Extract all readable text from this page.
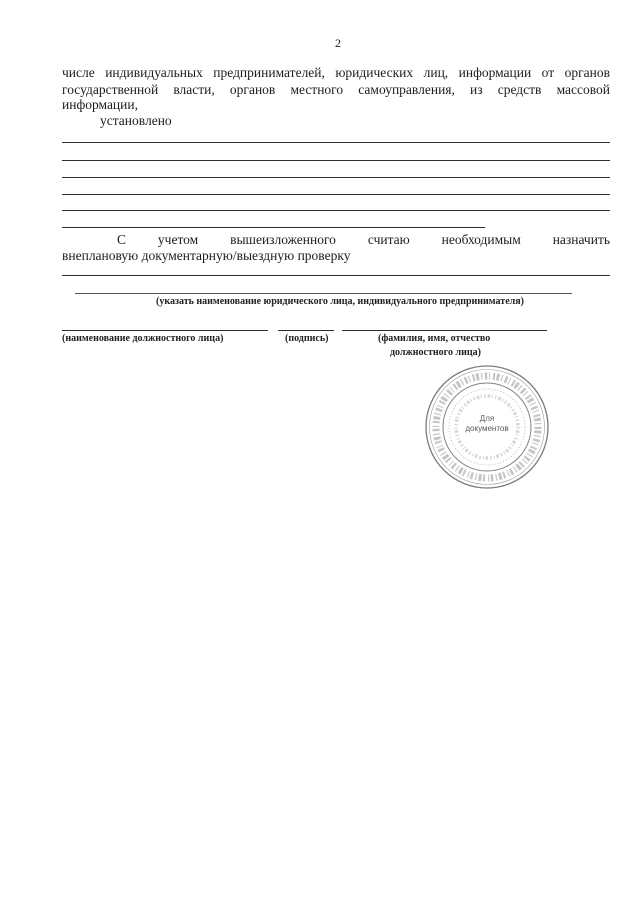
2
числе индивидуальных предпринимателей, юридических лиц, информации от органов
государственной власти, органов местного самоуправления, из средств массовой
информации,
установлено
С учетом вышеизложенного считаю необходимым назначить
внеплановую документарную/выездную проверку
(указать наименование юридического лица, индивидуального предпринимателя)
(наименование должностного лица)	(подпись)	(фамилия, имя, отчество
должностного лица)
Для
документов
